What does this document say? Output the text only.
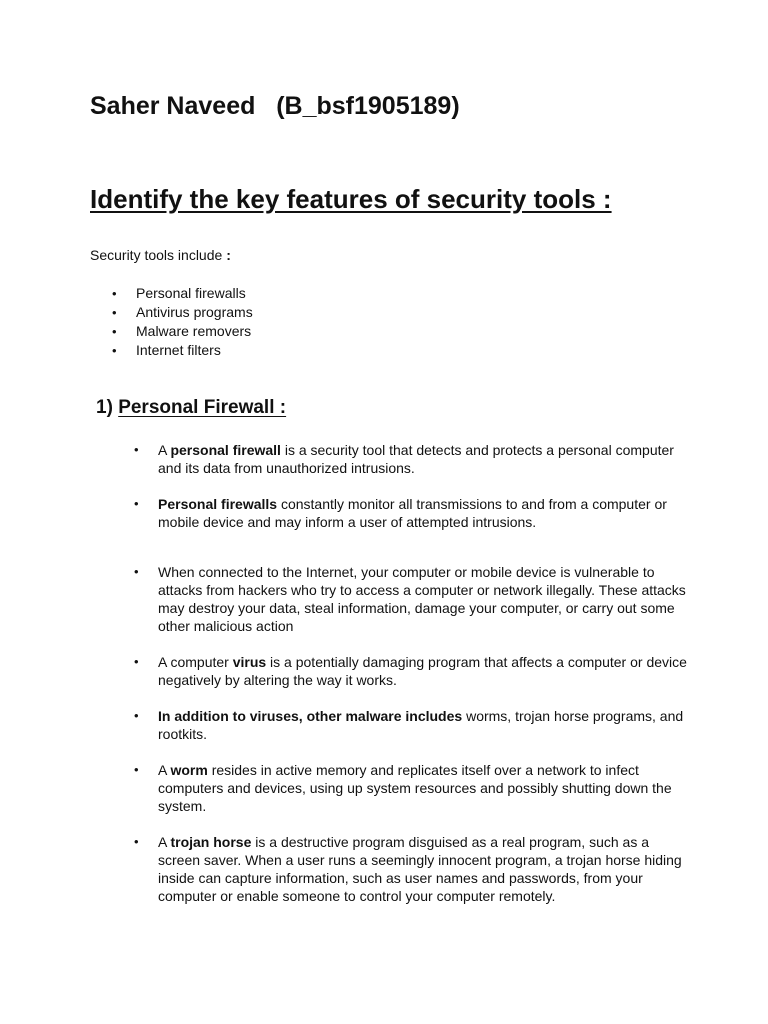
Saher Naveed   (B_bsf1905189)
Identify the key features of security tools :
Security tools include :
• Personal firewalls
• Antivirus programs
• Malware removers
• Internet filters
1) Personal Firewall :
• A personal firewall is a security tool that detects and protects a personal computer and its data from unauthorized intrusions.
• Personal firewalls constantly monitor all transmissions to and from a computer or mobile device and may inform a user of attempted intrusions.
• When connected to the Internet, your computer or mobile device is vulnerable to attacks from hackers who try to access a computer or network illegally. These attacks may destroy your data, steal information, damage your computer, or carry out some other malicious action
• A computer virus is a potentially damaging program that affects a computer or device negatively by altering the way it works.
• In addition to viruses, other malware includes worms, trojan horse programs, and rootkits.
• A worm resides in active memory and replicates itself over a network to infect computers and devices, using up system resources and possibly shutting down the system.
• A trojan horse is a destructive program disguised as a real program, such as a screen saver. When a user runs a seemingly innocent program, a trojan horse hiding inside can capture information, such as user names and passwords, from your computer or enable someone to control your computer remotely.
